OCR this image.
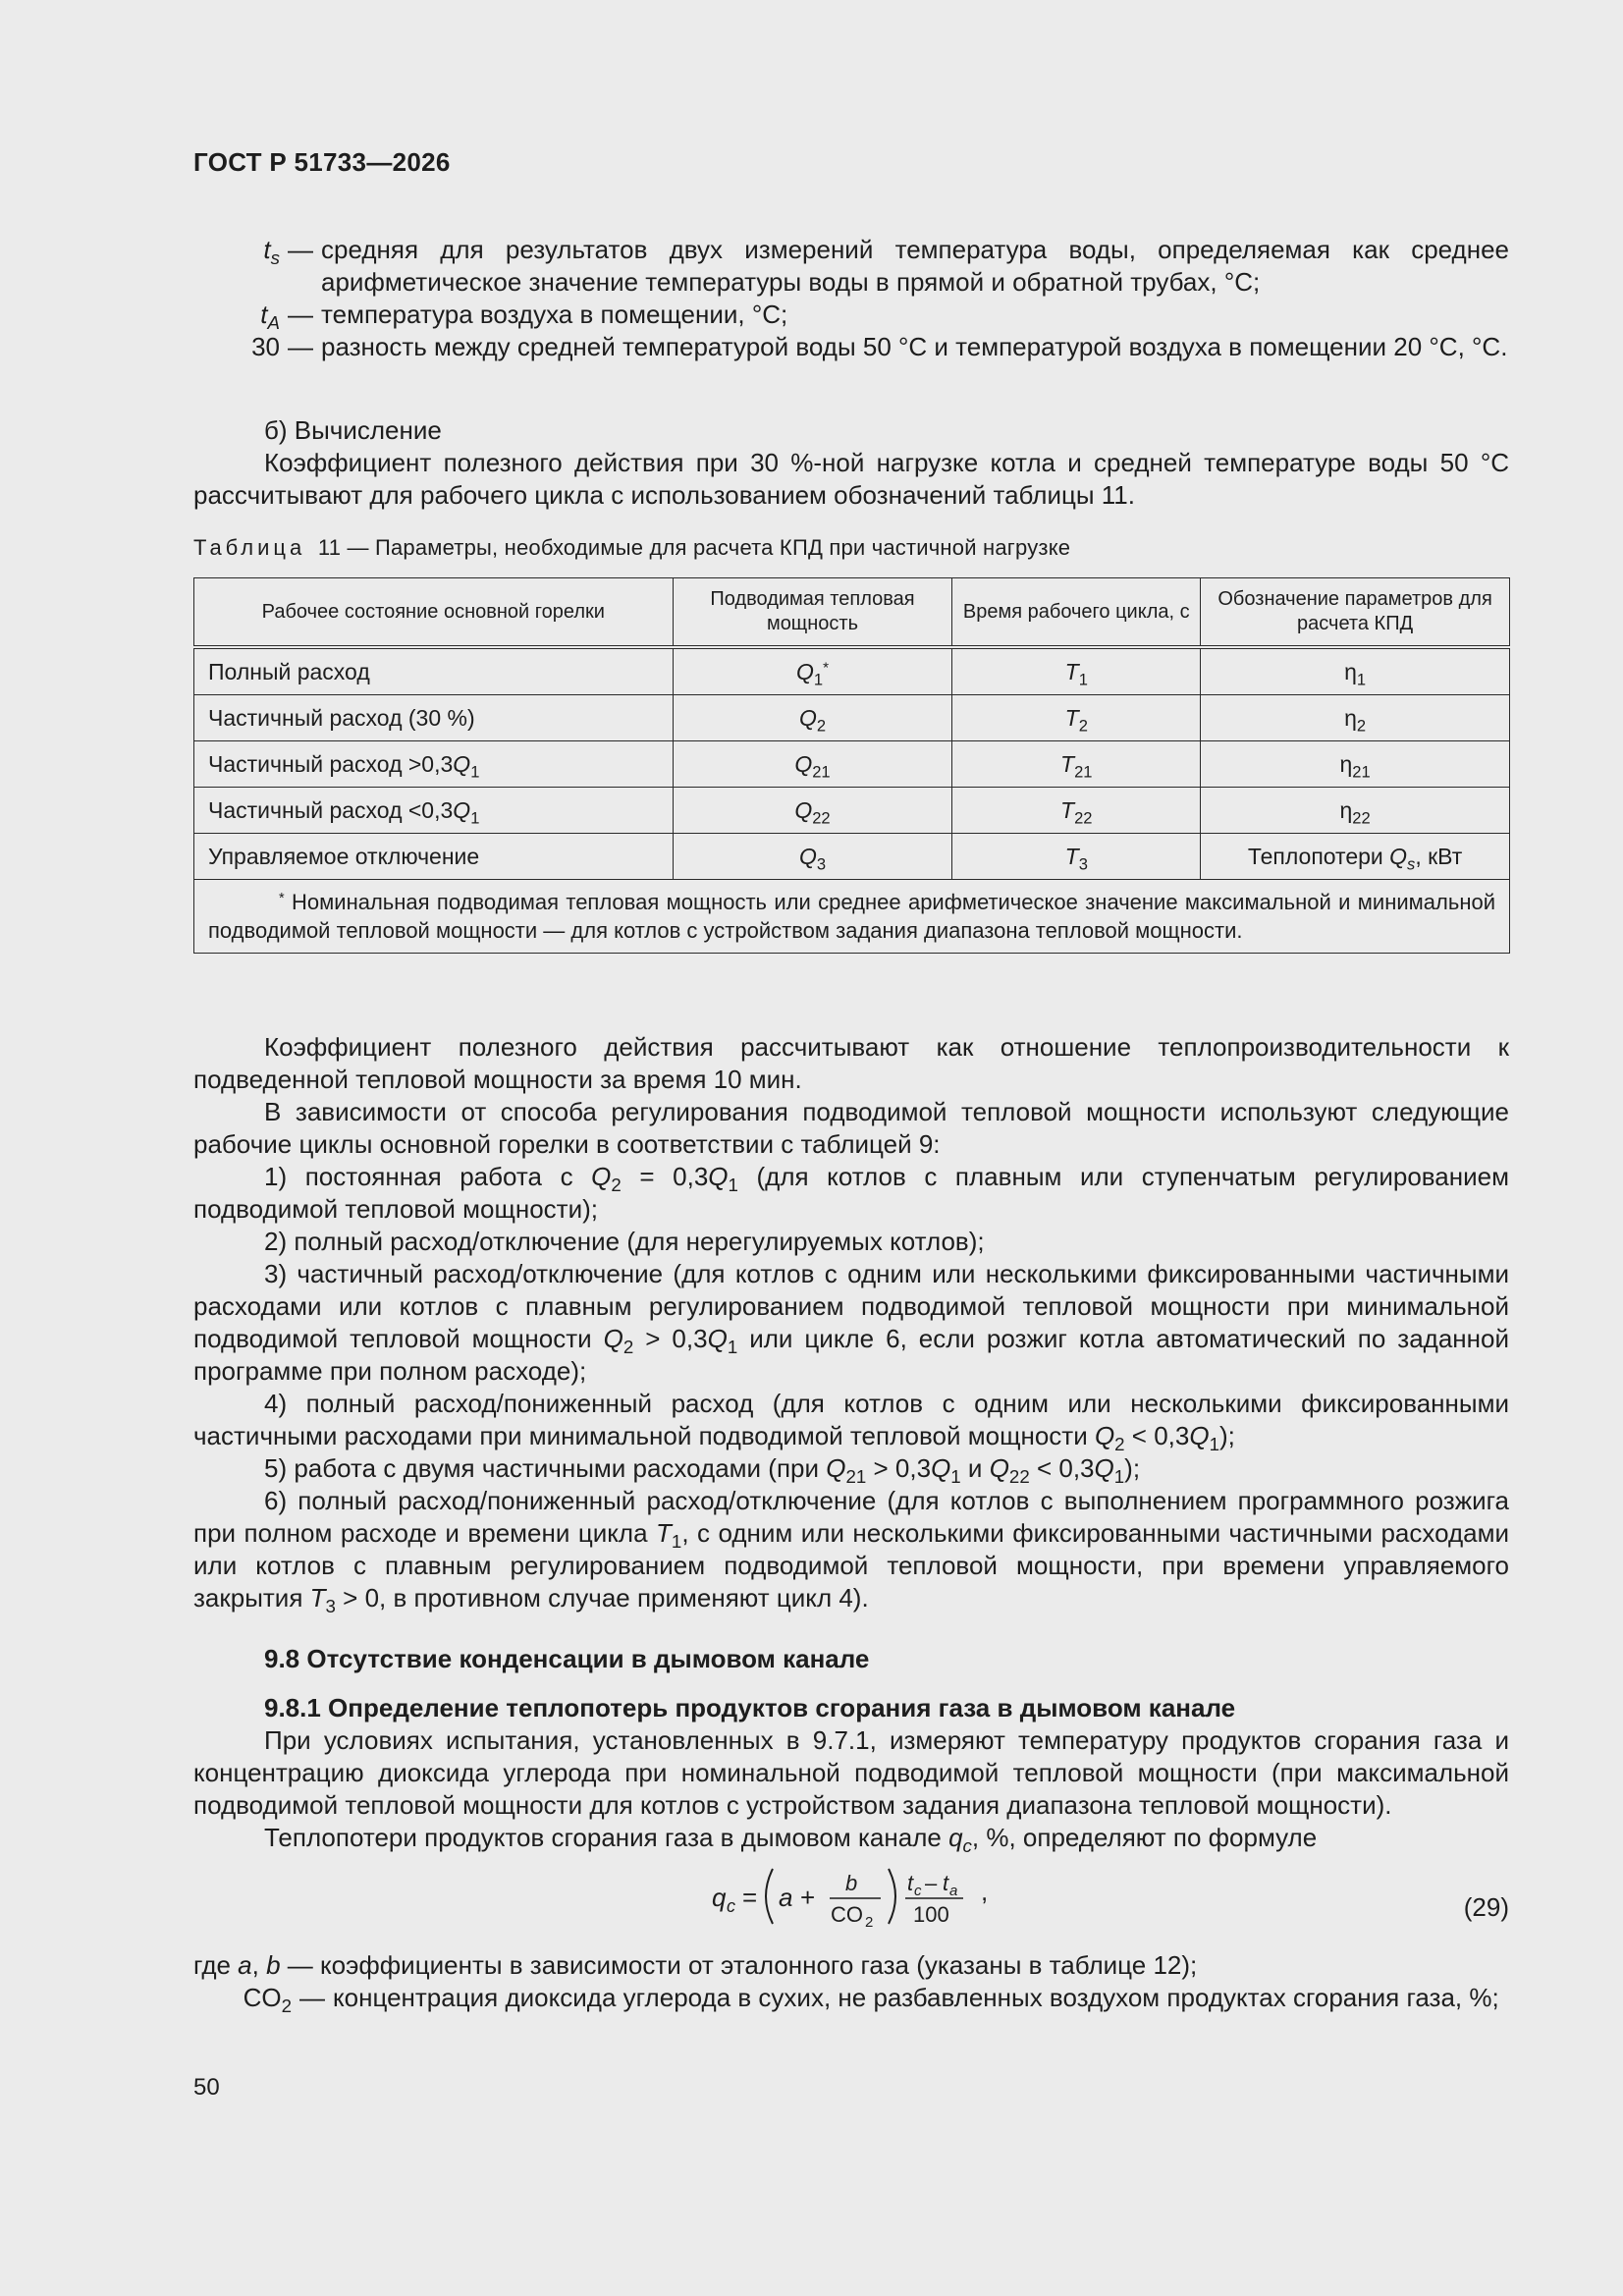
ГОСТ Р 51733—2026
$t_s$ — средняя для результатов двух измерений температура воды, определяемая как среднее арифметическое значение температуры воды в прямой и обратной трубах, °С;
$t_A$ — температура воздуха в помещении, °С;
30 — разность между средней температурой воды 50 °С и температурой воздуха в помещении 20 °С, °С.
б) Вычисление
Коэффициент полезного действия при 30 %-ной нагрузке котла и средней температуре воды 50 °С рассчитывают для рабочего цикла с использованием обозначений таблицы 11.
Таблица 11 — Параметры, необходимые для расчета КПД при частичной нагрузке
Рабочее состояние основной горелки	Подводимая тепловая мощность	Время рабочего цикла, с	Обозначение параметров для расчета КПД
Полный расход	$Q_1^*$	$T_1$	$\eta_1$
Частичный расход (30 %)	$Q_2$	$T_2$	$\eta_2$
Частичный расход $>0,3Q_1$	$Q_{21}$	$T_{21}$	$\eta_{21}$
Частичный расход $<0,3Q_1$	$Q_{22}$	$T_{22}$	$\eta_{22}$
Управляемое отключение	$Q_3$	$T_3$	Теплопотери $Q_s$, кВт
* Номинальная подводимая тепловая мощность или среднее арифметическое значение максимальной и минимальной подводимой тепловой мощности — для котлов с устройством задания диапазона тепловой мощности.			
Коэффициент полезного действия рассчитывают как отношение теплопроизводительности к подведенной тепловой мощности за время 10 мин.
В зависимости от способа регулирования подводимой тепловой мощности используют следующие рабочие циклы основной горелки в соответствии с таблицей 9:
1) постоянная работа с $Q_2 = 0,3Q_1$ (для котлов с плавным или ступенчатым регулированием подводимой тепловой мощности);
2) полный расход/отключение (для нерегулируемых котлов);
3) частичный расход/отключение (для котлов с одним или несколькими фиксированными частичными расходами или котлов с плавным регулированием подводимой тепловой мощности при минимальной подводимой тепловой мощности $Q_2 > 0,3Q_1$ или цикле 6, если розжиг котла автоматический по заданной программе при полном расходе);
4) полный расход/пониженный расход (для котлов с одним или несколькими фиксированными частичными расходами при минимальной подводимой тепловой мощности $Q_2 < 0,3Q_1$);
5) работа с двумя частичными расходами (при $Q_{21} > 0,3Q_1$ и $Q_{22} < 0,3Q_1$);
6) полный расход/пониженный расход/отключение (для котлов с выполнением программного розжига при полном расходе и времени цикла $T_1$, с одним или несколькими фиксированными частичными расходами или котлов с плавным регулированием подводимой тепловой мощности, при времени управляемого закрытия $T_3 > 0$, в противном случае применяют цикл 4).
9.8 Отсутствие конденсации в дымовом канале
9.8.1 Определение теплопотерь продуктов сгорания газа в дымовом канале
При условиях испытания, установленных в 9.7.1, измеряют температуру продуктов сгорания газа и концентрацию диоксида углерода при номинальной подводимой тепловой мощности (при максимальной подводимой тепловой мощности для котлов с устройством задания диапазона тепловой мощности).
Теплопотери продуктов сгорания газа в дымовом канале $q_c$, %, определяют по формуле
q c = a + b
CO 2
t c – t a
100
,
(29)
где a, b — коэффициенты в зависимости от эталонного газа (указаны в таблице 12);
$CO_2$ — концентрация диоксида углерода в сухих, не разбавленных воздухом продуктах сгорания газа, %;
50
